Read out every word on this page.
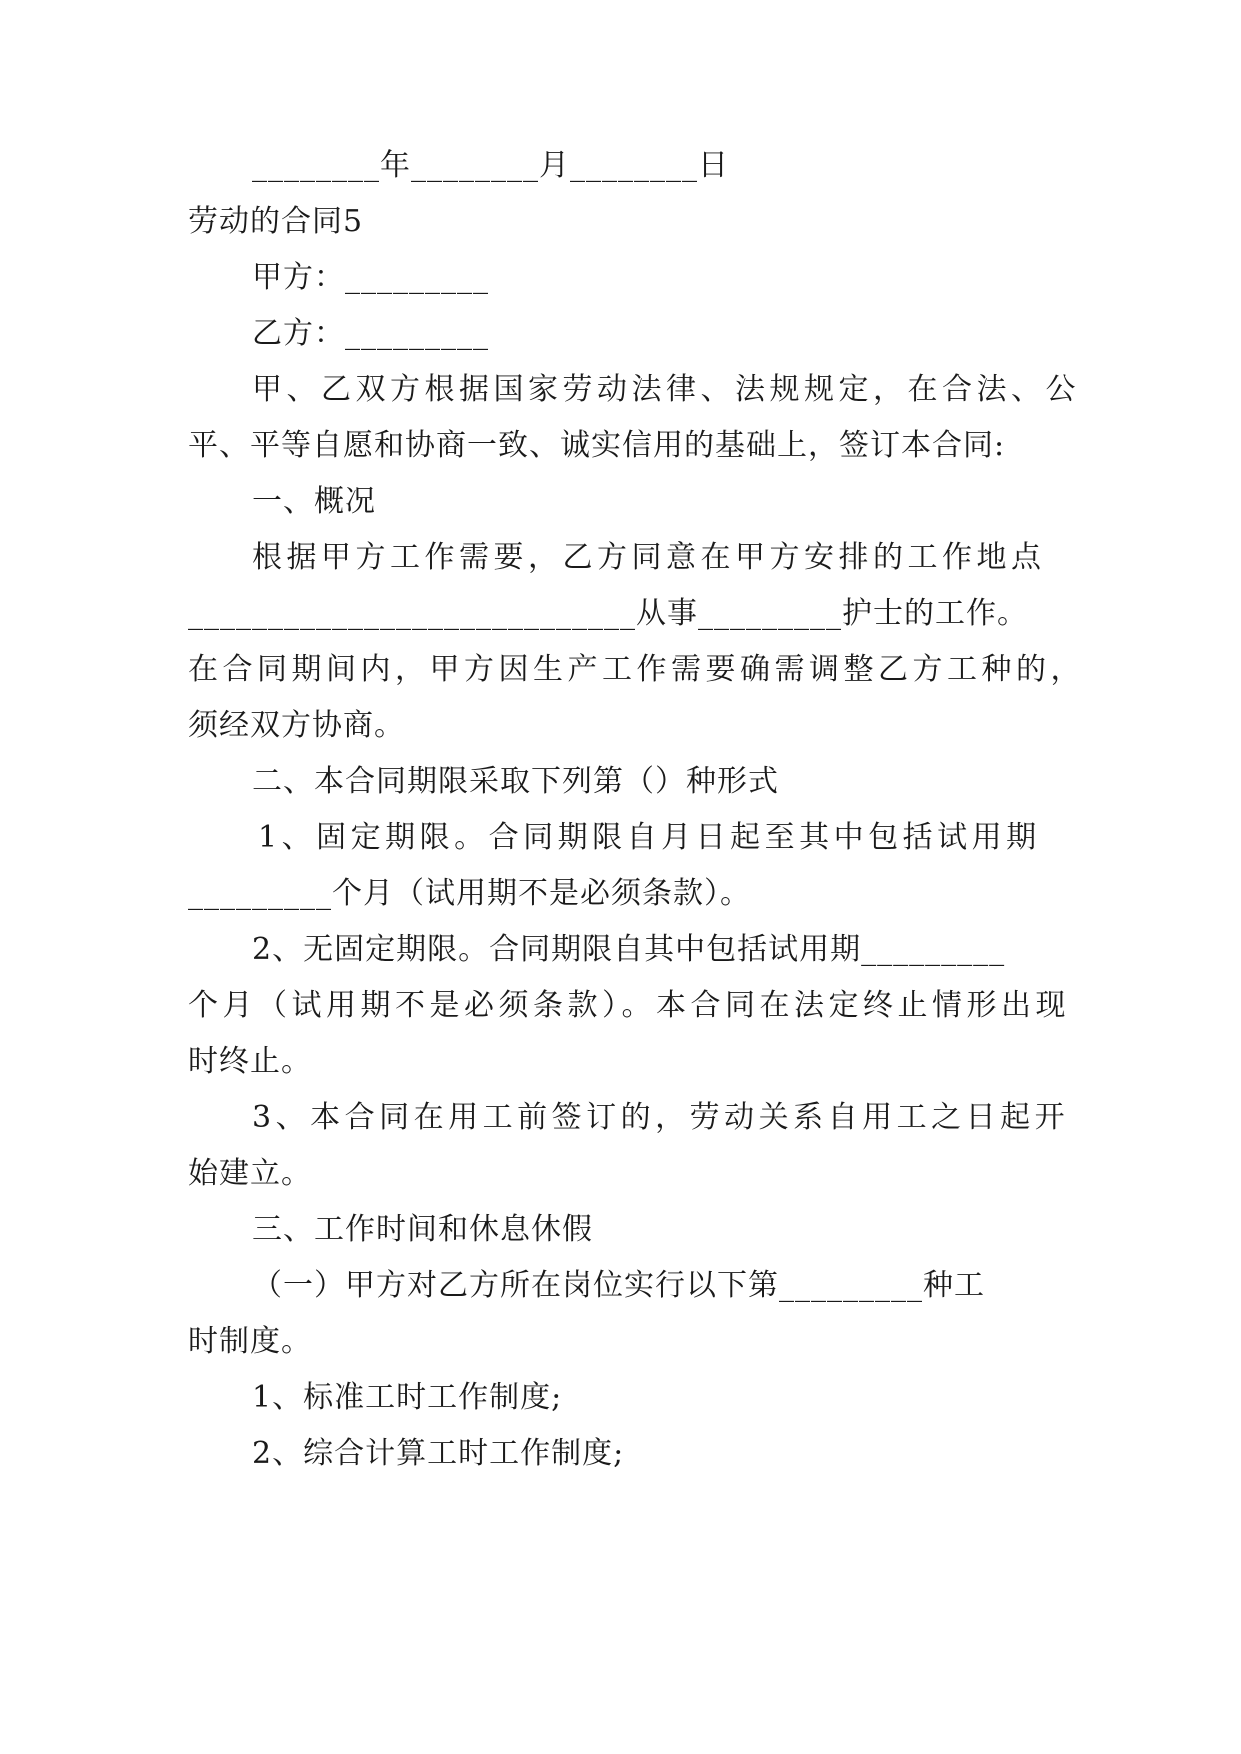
________年________月________日
劳动的合同5
甲方：_________
乙方：_________
甲、乙双方根据国家劳动法律、法规规定，在合法、公
平、平等自愿和协商一致、诚实信用的基础上，签订本合同:
一、概况
根据甲方工作需要，乙方同意在甲方安排的工作地点
____________________________从事_________护士的工作。
在合同期间内，甲方因生产工作需要确需调整乙方工种的，
须经双方协商。
二、本合同期限采取下列第（）种形式
1、固定期限。合同期限自月日起至其中包括试用期
_________个月（试用期不是必须条款）。
2、无固定期限。合同期限自其中包括试用期_________
个月（试用期不是必须条款）。本合同在法定终止情形出现
时终止。
3、本合同在用工前签订的，劳动关系自用工之日起开
始建立。
三、工作时间和休息休假
（一）甲方对乙方所在岗位实行以下第_________种工
时制度。
1、标准工时工作制度;
2、综合计算工时工作制度;
